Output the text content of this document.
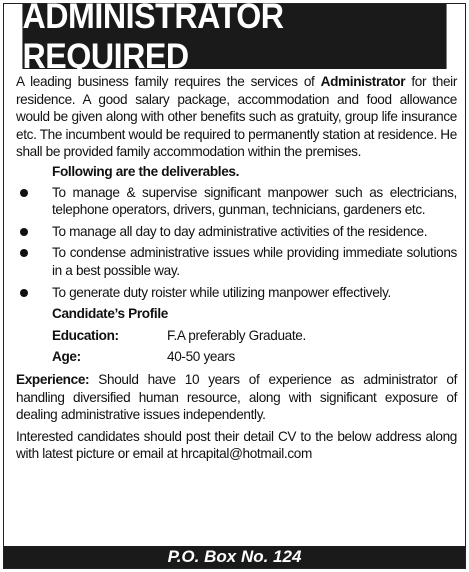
ADMINISTRATOR REQUIRED

A leading business family requires the services of Administrator for their residence. A good salary package, accommodation and food allowance would be given along with other benefits such as gratuity, group life insurance etc. The incumbent would be required to permanently station at residence. He shall be provided family accommodation within the premises.

Following are the deliverables.

To manage & supervise significant manpower such as electricians, telephone operators, drivers, gunman, technicians, gardeners etc.
To manage all day to day administrative activities of the residence.
To condense administrative issues while providing immediate solutions in a best possible way.
To generate duty roister while utilizing manpower effectively.

Candidate’s Profile

Education:	F.A preferably Graduate.
Age:	40-50 years

Experience: Should have 10 years of experience as administrator of handling diversified human resource, along with significant exposure of dealing administrative issues independently.

Interested candidates should post their detail CV to the below address along with latest picture or email at hrcapital@hotmail.com

P.O. Box No. 124
